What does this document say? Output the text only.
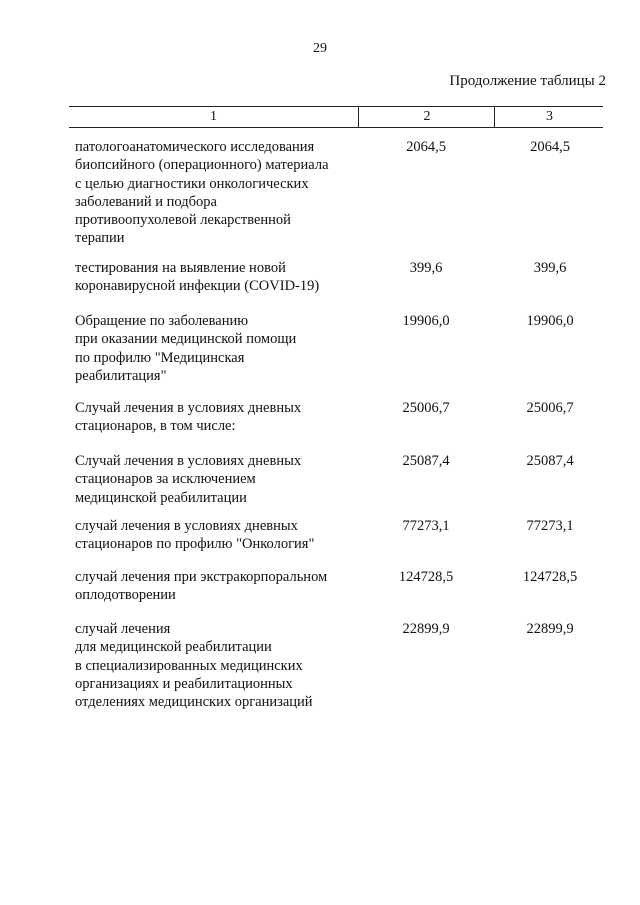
29
Продолжение таблицы 2
1	2	3
патологоанатомического исследования
биопсийного (операционного) материала
с целью диагностики онкологических
заболеваний и подбора
противоопухолевой лекарственной
терапии
2064,5	2064,5
тестирования на выявление новой
коронавирусной инфекции (COVID-19)
399,6	399,6
Обращение по заболеванию
при оказании медицинской помощи
по профилю "Медицинская
реабилитация"
19906,0	19906,0
Случай лечения в условиях дневных
стационаров, в том числе:
25006,7	25006,7
Случай лечения в условиях дневных
стационаров за исключением
медицинской реабилитации
25087,4	25087,4
случай лечения в условиях дневных
стационаров по профилю "Онкология"
77273,1	77273,1
случай лечения при экстракорпоральном
оплодотворении
124728,5	124728,5
случай лечения
для медицинской реабилитации
в специализированных медицинских
организациях и реабилитационных
отделениях медицинских организаций
22899,9	22899,9
